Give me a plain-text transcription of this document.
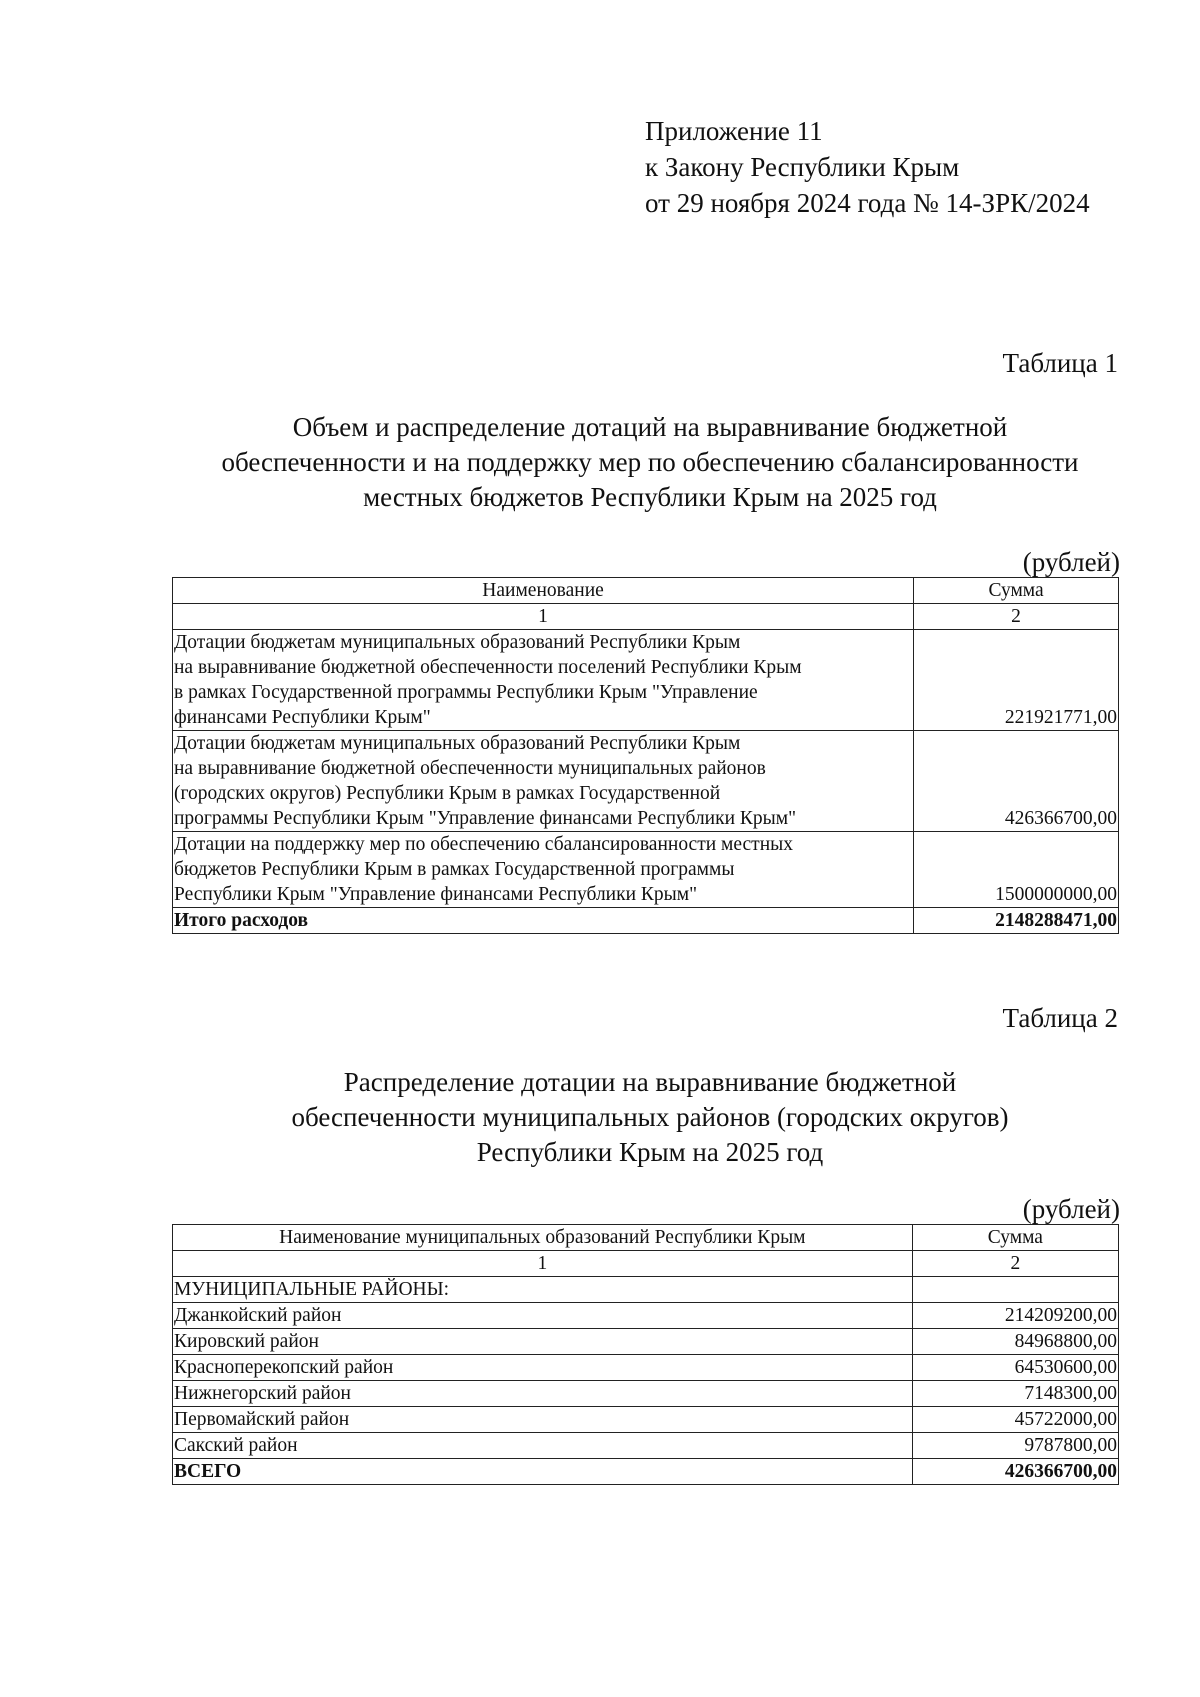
Приложение 11
к Закону Республики Крым
от 29 ноября 2024 года № 14-ЗРК/2024
Таблица 1
Объем и распределение дотаций на выравнивание бюджетной
обеспеченности и на поддержку мер по обеспечению сбалансированности
местных бюджетов Республики Крым на 2025 год
(рублей)
Наименование	Сумма
1	2

Дотации бюджетам муниципальных образований Республики Крым
на выравнивание бюджетной обеспеченности поселений Республики Крым
в рамках Государственной программы Республики Крым "Управление
финансами Республики Крым"	221921771,00

Дотации бюджетам муниципальных образований Республики Крым
на выравнивание бюджетной обеспеченности муниципальных районов
(городских округов) Республики Крым в рамках Государственной
программы Республики Крым "Управление финансами Республики Крым"	426366700,00

Дотации на поддержку мер по обеспечению сбалансированности местных
бюджетов Республики Крым в рамках Государственной программы
Республики Крым "Управление финансами Республики Крым"	1500000000,00
Итого расходов	2148288471,00
Таблица 2
Распределение дотации на выравнивание бюджетной
обеспеченности муниципальных районов (городских округов)
Республики Крым на 2025 год
(рублей)
Наименование муниципальных образований Республики Крым	Сумма
1	2
МУНИЦИПАЛЬНЫЕ РАЙОНЫ:	
Джанкойский район	214209200,00
Кировский район	84968800,00
Красноперекопский район	64530600,00
Нижнегорский район	7148300,00
Первомайский район	45722000,00
Сакский район	9787800,00
ВСЕГО	426366700,00
